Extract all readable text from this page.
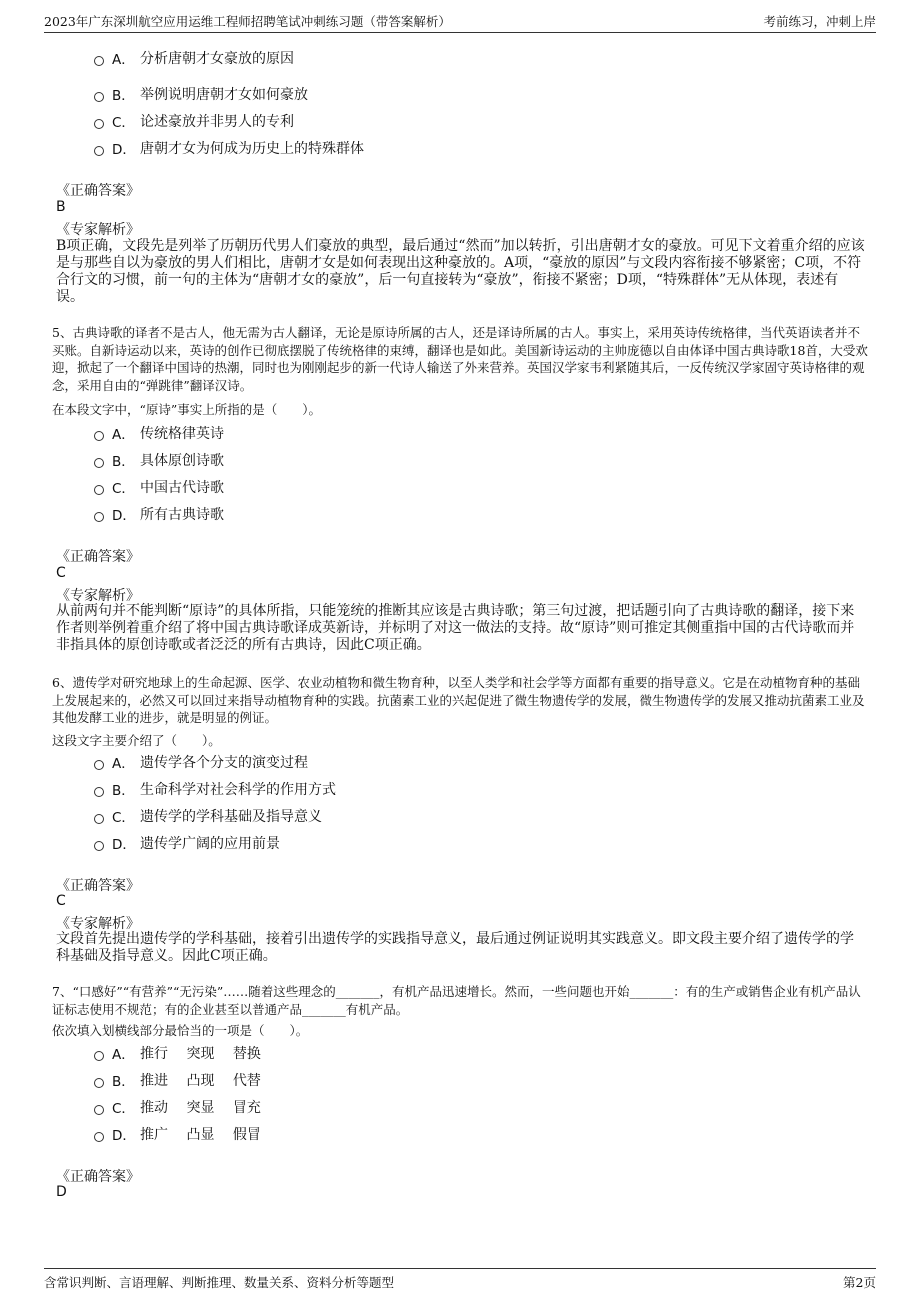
2023年广东深圳航空应用运维工程师招聘笔试冲刺练习题（带答案解析）	考前练习，冲刺上岸
A． 分析唐朝才女豪放的原因
B． 举例说明唐朝才女如何豪放
C． 论述豪放并非男人的专利
D． 唐朝才女为何成为历史上的特殊群体
《正确答案》
B
《专家解析》
B项正确，文段先是列举了历朝历代男人们豪放的典型，最后通过“然而”加以转折，引出唐朝才女的豪放。可见下文着重介绍的应该是与那些自以为豪放的男人们相比，唐朝才女是如何表现出这种豪放的。A项，“豪放的原因”与文段内容衔接不够紧密；C项，不符合行文的习惯，前一句的主体为“唐朝才女的豪放”，后一句直接转为“豪放”，衔接不紧密；D项，“特殊群体”无从体现，表述有误。
5、古典诗歌的译者不是古人，他无需为古人翻译，无论是原诗所属的古人，还是译诗所属的古人。事实上，采用英诗传统格律，当代英语读者并不买账。自新诗运动以来，英诗的创作已彻底摆脱了传统格律的束缚，翻译也是如此。美国新诗运动的主帅庞德以自由体译中国古典诗歌18首，大受欢迎，掀起了一个翻译中国诗的热潮，同时也为刚刚起步的新一代诗人输送了外来营养。英国汉学家韦利紧随其后，一反传统汉学家固守英诗格律的观念，采用自由的“弹跳律”翻译汉诗。
在本段文字中，“原诗”事实上所指的是（　　）。
A． 传统格律英诗
B． 具体原创诗歌
C． 中国古代诗歌
D． 所有古典诗歌
《正确答案》
C
《专家解析》
从前两句并不能判断“原诗”的具体所指，只能笼统的推断其应该是古典诗歌；第三句过渡，把话题引向了古典诗歌的翻译，接下来作者则举例着重介绍了将中国古典诗歌译成英新诗，并标明了对这一做法的支持。故“原诗”则可推定其侧重指中国的古代诗歌而并非指具体的原创诗歌或者泛泛的所有古典诗，因此C项正确。
6、遗传学对研究地球上的生命起源、医学、农业动植物和微生物育种，以至人类学和社会学等方面都有重要的指导意义。它是在动植物育种的基础上发展起来的，必然又可以回过来指导动植物育种的实践。抗菌素工业的兴起促进了微生物遗传学的发展，微生物遗传学的发展又推动抗菌素工业及其他发酵工业的进步，就是明显的例证。
这段文字主要介绍了（　　）。
A． 遗传学各个分支的演变过程
B． 生命科学对社会科学的作用方式
C． 遗传学的学科基础及指导意义
D． 遗传学广阔的应用前景
《正确答案》
C
《专家解析》
文段首先提出遗传学的学科基础，接着引出遗传学的实践指导意义，最后通过例证说明其实践意义。即文段主要介绍了遗传学的学科基础及指导意义。因此C项正确。
7、“口感好”“有营养”“无污染”……随着这些理念的_______，有机产品迅速增长。然而，一些问题也开始_______：有的生产或销售企业有机产品认证标志使用不规范；有的企业甚至以普通产品_______有机产品。
依次填入划横线部分最恰当的一项是（　　）。
A． 推行　 突现　 替换
B． 推进　 凸现　 代替
C． 推动　 突显　 冒充
D． 推广　 凸显　 假冒
《正确答案》
D
含常识判断、言语理解、判断推理、数量关系、资料分析等题型	第2页
